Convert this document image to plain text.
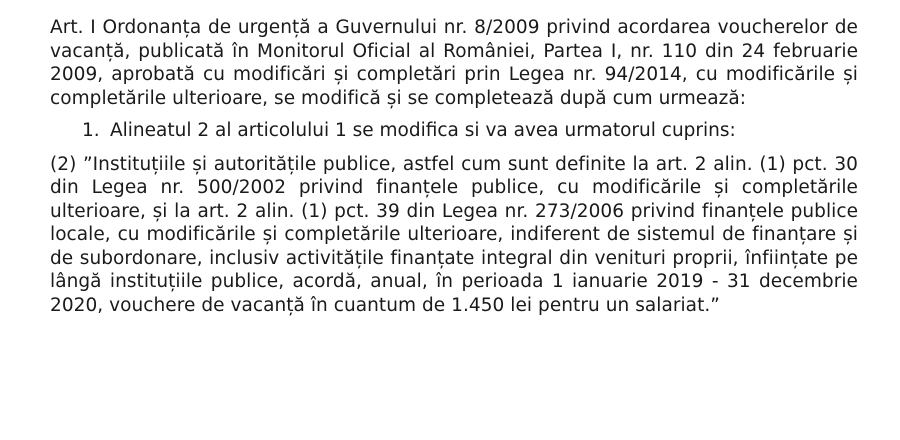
Art. I Ordonanța de urgență a Guvernului nr. 8/2009 privind acordarea voucherelor de vacanță, publicată în Monitorul Oficial al României, Partea I, nr. 110 din 24 februarie 2009, aprobată cu modificări și completări prin Legea nr. 94/2014, cu modificările și completările ulterioare, se modifică și se completează după cum urmează:

1. Alineatul 2 al articolului 1 se modifica si va avea urmatorul cuprins:

(2) ”Instituțiile și autoritățile publice, astfel cum sunt definite la art. 2 alin. (1) pct. 30 din Legea nr. 500/2002 privind finanțele publice, cu modificările și completările ulterioare, și la art. 2 alin. (1) pct. 39 din Legea nr. 273/2006 privind finanțele publice locale, cu modificările și completările ulterioare, indiferent de sistemul de finanțare și de subordonare, inclusiv activitățile finanțate integral din venituri proprii, înființate pe lângă instituțiile publice, acordă, anual, în perioada 1 ianuarie 2019 - 31 decembrie 2020, vouchere de vacanță în cuantum de 1.450 lei pentru un salariat.”
